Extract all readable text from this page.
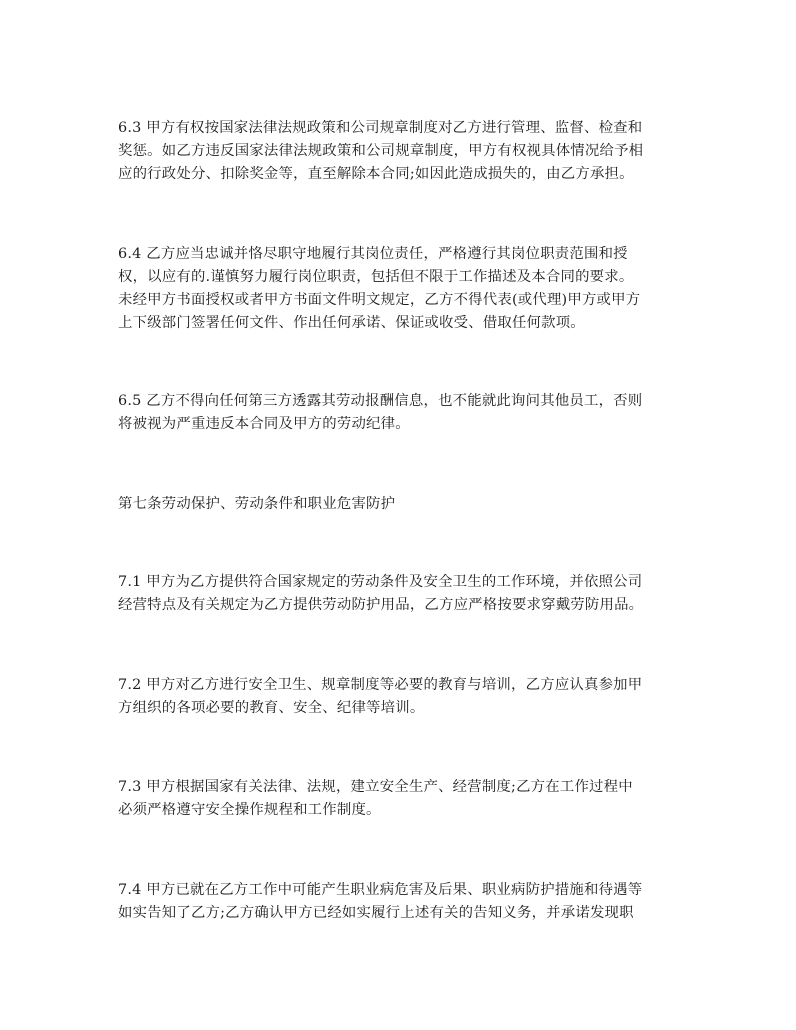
6.3 甲方有权按国家法律法规政策和公司规章制度对乙方进行管理、监督、检查和
奖惩。如乙方违反国家法律法规政策和公司规章制度，甲方有权视具体情况给予相
应的行政处分、扣除奖金等，直至解除本合同;如因此造成损失的，由乙方承担。

6.4 乙方应当忠诚并恪尽职守地履行其岗位责任，严格遵行其岗位职责范围和授
权，以应有的.谨慎努力履行岗位职责，包括但不限于工作描述及本合同的要求。
未经甲方书面授权或者甲方书面文件明文规定，乙方不得代表(或代理)甲方或甲方
上下级部门签署任何文件、作出任何承诺、保证或收受、借取任何款项。

6.5 乙方不得向任何第三方透露其劳动报酬信息，也不能就此询问其他员工，否则
将被视为严重违反本合同及甲方的劳动纪律。

第七条劳动保护、劳动条件和职业危害防护

7.1 甲方为乙方提供符合国家规定的劳动条件及安全卫生的工作环境，并依照公司
经营特点及有关规定为乙方提供劳动防护用品，乙方应严格按要求穿戴劳防用品。

7.2 甲方对乙方进行安全卫生、规章制度等必要的教育与培训，乙方应认真参加甲
方组织的各项必要的教育、安全、纪律等培训。

7.3 甲方根据国家有关法律、法规，建立安全生产、经营制度;乙方在工作过程中
必须严格遵守安全操作规程和工作制度。

7.4 甲方已就在乙方工作中可能产生职业病危害及后果、职业病防护措施和待遇等
如实告知了乙方;乙方确认甲方已经如实履行上述有关的告知义务，并承诺发现职
